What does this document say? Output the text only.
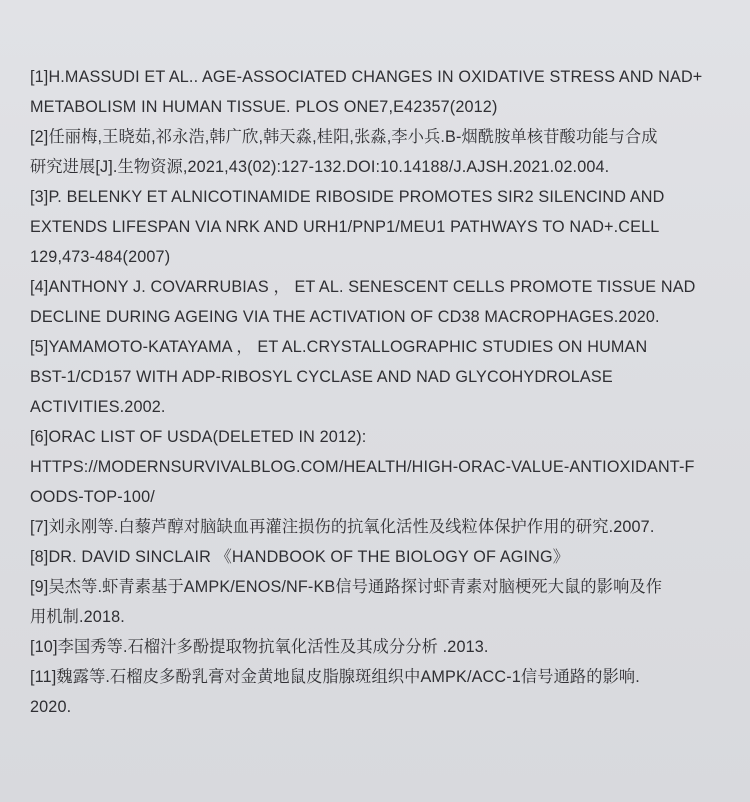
[1]H.MASSUDI ET AL.. AGE-ASSOCIATED CHANGES IN OXIDATIVE STRESS AND NAD+
METABOLISM IN HUMAN TISSUE. PLOS ONE7,E42357(2012)
[2]任丽梅,王晓茹,祁永浩,韩广欣,韩天淼,桂阳,张淼,李小兵.B-烟酰胺单核苷酸功能与合成
研究进展[J].生物资源,2021,43(02):127-132.DOI:10.14188/J.AJSH.2021.02.004.
[3]P. BELENKY ET ALNICOTINAMIDE RIBOSIDE PROMOTES SIR2 SILENCIND AND
EXTENDS LIFESPAN VIA NRK AND URH1/PNP1/MEU1 PATHWAYS TO NAD+.CELL
129,473-484(2007)
[4]ANTHONY J. COVARRUBIAS ， ET AL. SENESCENT CELLS PROMOTE TISSUE NAD
DECLINE DURING AGEING VIA THE ACTIVATION OF CD38 MACROPHAGES.2020.
[5]YAMAMOTO-KATAYAMA ， ET AL.CRYSTALLOGRAPHIC STUDIES ON HUMAN
BST-1/CD157 WITH ADP-RIBOSYL CYCLASE AND NAD GLYCOHYDROLASE
ACTIVITIES.2002.
[6]ORAC LIST OF USDA(DELETED IN 2012):
HTTPS://MODERNSURVIVALBLOG.COM/HEALTH/HIGH-ORAC-VALUE-ANTIOXIDANT-F
OODS-TOP-100/
[7]刘永刚等.白藜芦醇对脑缺血再灌注损伤的抗氧化活性及线粒体保护作用的研究.2007.
[8]DR. DAVID SINCLAIR 《HANDBOOK OF THE BIOLOGY OF AGING》
[9]吴杰等.虾青素基于AMPK/ENOS/NF-KB信号通路探讨虾青素对脑梗死大鼠的影响及作
用机制.2018.
[10]李国秀等.石榴汁多酚提取物抗氧化活性及其成分分析 .2013.
[11]魏露等.石榴皮多酚乳膏对金黄地鼠皮脂腺斑组织中AMPK/ACC-1信号通路的影响.
2020.
